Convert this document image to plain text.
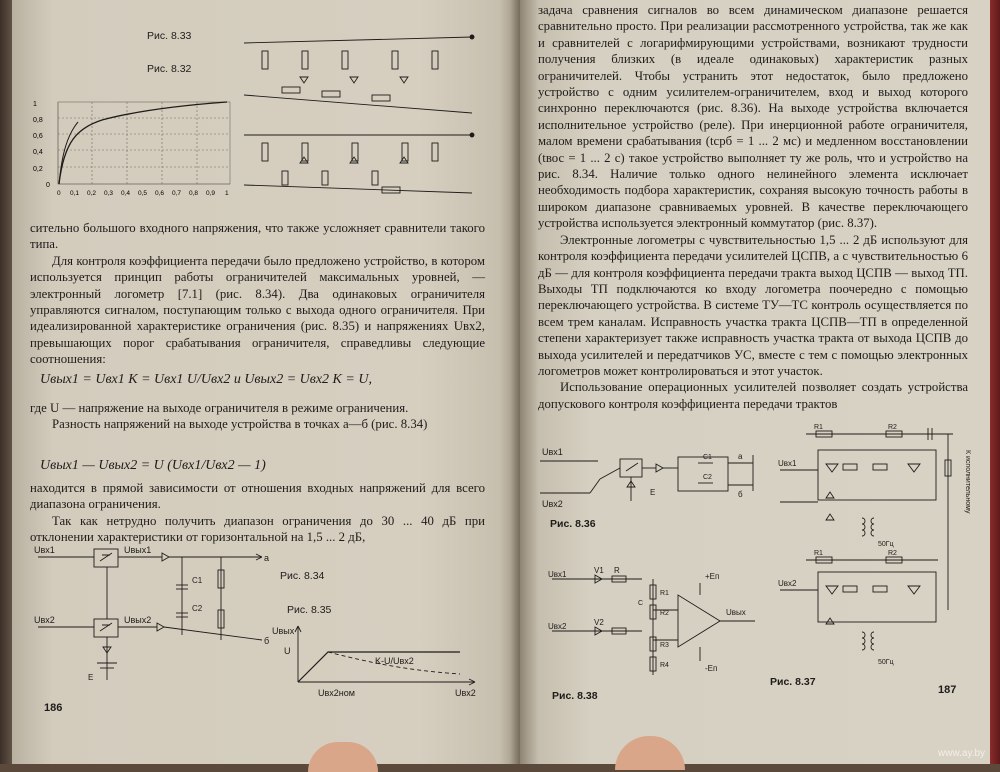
Рис. 8.33
Рис. 8.32
1
0,8
0,6
0,4
0,2
0
0 0,1 0,2 0,3 0,4 0,5 0,6 0,7 0,8 0,9 1

сительно большого входного напряжения, что также усложняет сравнители такого типа.

Для контроля коэффициента передачи было предложено устройство, в котором используется принцип работы ограничителей максимальных уровней, — электронный логометр [7.1] (рис. 8.34). Два одинаковых ограничителя управляются сигналом, поступающим только с выхода одного ограничителя. При идеализированной характеристике ограничения (рис. 8.35) и напряжениях Uвх2, превышающих порог срабатывания ограничителя, справедливы следующие соотношения:

Uвых1 = Uвх1 K = Uвх1 U/Uвх2 и Uвых2 = Uвх2 K = U,

где U — напряжение на выходе ограничителя в режиме ограничения.

Разность напряжений на выходе устройства в точках а—б (рис. 8.34)

Uвых1 — Uвых2 = U (Uвх1/Uвх2 — 1)

находится в прямой зависимости от отношения входных напряжений для всего диапазона ограничения.

Так как нетрудно получить диапазон ограничения до 30 ... 40 дБ при отклонении характеристики от горизонтальной на 1,5 ... 2 дБ,

Uвх1	Uвых1
Uвх2	Uвых2
а
б
C1
C2
E
Рис. 8.34
Рис. 8.35
Uвых
U
K-U/Uвх2
Uвх2ном	Uвх2
186

задача сравнения сигналов во всем динамическом диапазоне решается сравнительно просто. При реализации рассмотренного устройства, так же как и сравнителей с логарифмирующими устройствами, возникают трудности получения близких (в идеале одинаковых) характеристик разных ограничителей. Чтобы устранить этот недостаток, было предложено устройство с одним усилителем-ограничителем, вход и выход которого синхронно переключаются (рис. 8.36). На выходе устройства включается исполнительное устройство (реле). При инерционной работе ограничителя, малом времени срабатывания (tсрб = 1 ... 2 мс) и медленном восстановлении (tвос = 1 ... 2 с) такое устройство выполняет ту же роль, что и устройство на рис. 8.34. Наличие только одного нелинейного элемента исключает необходимость подбора характеристик, сохраняя высокую точность работы в широком диапазоне сравниваемых уровней. В качестве переключающего устройства используется электронный коммутатор (рис. 8.37).

Электронные логометры с чувствительностью 1,5 ... 2 дБ используют для контроля коэффициента передачи усилителей ЦСПВ, а с чувствительностью 6 дБ — для контроля коэффициента передачи тракта выход ЦСПВ — выход ТП. Выходы ТП подключаются ко входу логометра поочередно с помощью переключающего устройства. В системе ТУ—ТС контроль осуществляется по всем трем каналам. Исправность участка тракта ЦСПВ—ТП в определенной степени характеризует также исправность участка тракта от выхода ЦСПВ до выхода усилителей и передатчиков УС, вместе с тем с помощью электронных логометров может контролироваться и этот участок.

Использование операционных усилителей позволяет создать устройства допускового контроля коэффициента передачи трактов

Uвх1
Uвх2
E
C1
C2
а
б
Рис. 8.36
Uвх1
Uвх2
V1
V2
R
R1
R2
R3
R4
C
+Еп
-Еп
Uвых
Рис. 8.38
Uвх1
Uвх2
R1	R2
R1	R2
50Гц
50Гц
К исполнительному
Рис. 8.37
187
www.ay.by
